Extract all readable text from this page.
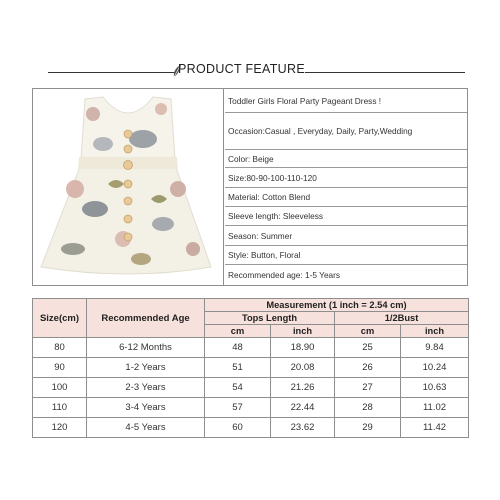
PRODUCT FEATURE
Toddler Girls Floral Party Pageant Dress !
Occasion:Casual , Everyday, Daily, Party,Wedding
Color: Beige
Size:80-90-100-110-120
Material: Cotton Blend
Sleeve length: Sleeveless
Season: Summer
Style: Button, Floral
Recommended age: 1-5 Years
Size(cm)	Recommended Age	Measurement (1 inch = 2.54 cm)			
		Tops Length		1/2Bust	
		cm	inch	cm	inch
80	6-12 Months	48	18.90	25	9.84
90	1-2 Years	51	20.08	26	10.24
100	2-3 Years	54	21.26	27	10.63
110	3-4 Years	57	22.44	28	11.02
120	4-5 Years	60	23.62	29	11.42
